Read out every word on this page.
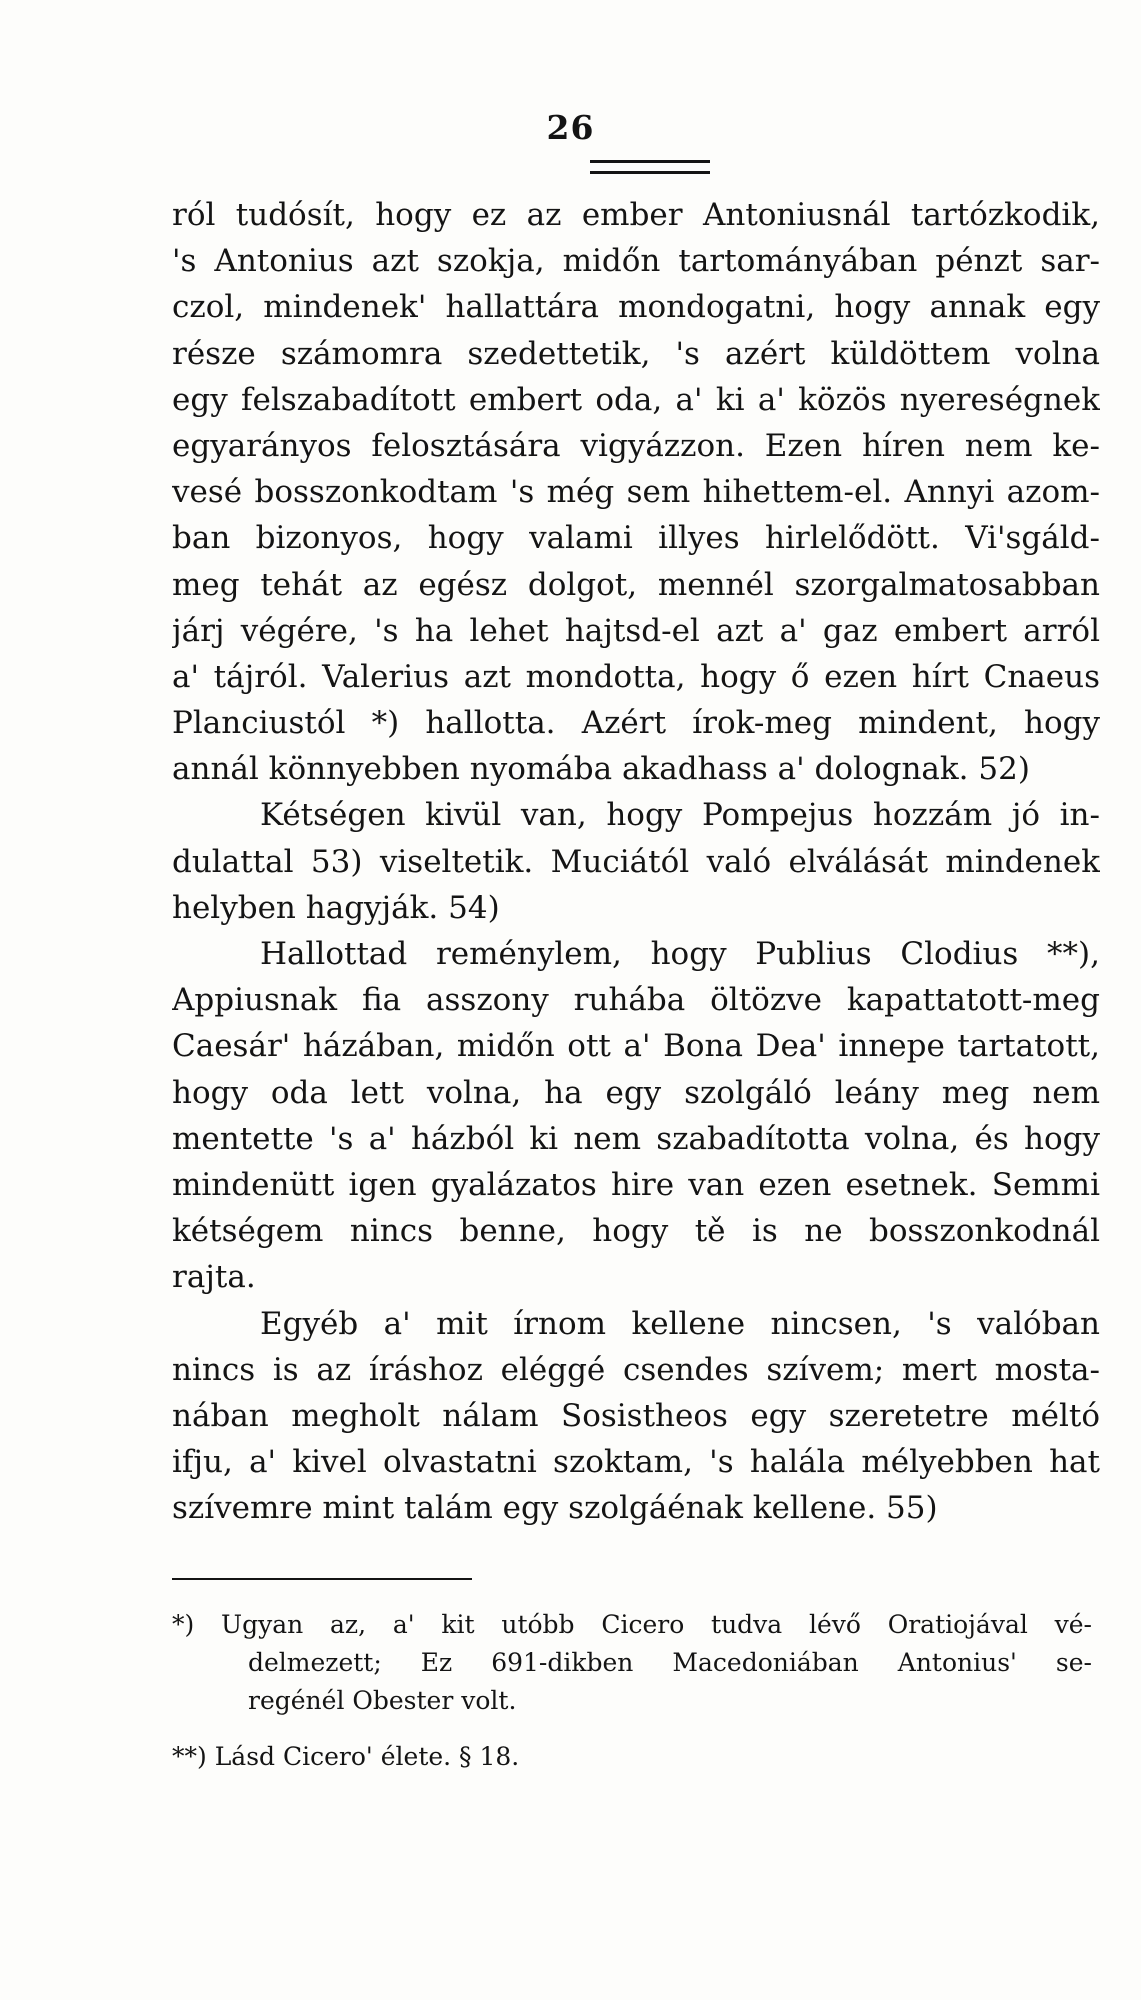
26
ról tudósít, hogy ez az ember Antoniusnál tartózkodik,
's Antonius azt szokja, midőn tartományában pénzt sar-
czol, mindenek' hallattára mondogatni, hogy annak egy
része számomra szedettetik, 's azért küldöttem volna
egy felszabadított embert oda, a' ki a' közös nyereségnek
egyarányos felosztására vigyázzon. Ezen híren nem ke-
vesé bosszonkodtam 's még sem hihettem-el. Annyi azom-
ban bizonyos, hogy valami illyes hirlelődött. Vi'sgáld-
meg tehát az egész dolgot, mennél szorgalmatosabban
járj végére, 's ha lehet hajtsd-el azt a' gaz embert arról
a' tájról. Valerius azt mondotta, hogy ő ezen hírt Cnaeus
Planciustól *) hallotta. Azért írok-meg mindent, hogy
annál könnyebben nyomába akadhass a' dolognak. 52)
Kétségen kivül van, hogy Pompejus hozzám jó in-
dulattal 53) viseltetik. Muciától való elválását mindenek
helyben hagyják. 54)
Hallottad reménylem, hogy Publius Clodius **),
Appiusnak fia asszony ruhába öltözve kapattatott-meg
Caesár' házában, midőn ott a' Bona Dea' innepe tartatott,
hogy oda lett volna, ha egy szolgáló leány meg nem
mentette 's a' házból ki nem szabadította volna, és hogy
mindenütt igen gyalázatos hire van ezen esetnek. Semmi
kétségem nincs benne, hogy tě is ne bosszonkodnál
rajta.
Egyéb a' mit írnom kellene nincsen, 's valóban
nincs is az íráshoz eléggé csendes szívem; mert mosta-
nában megholt nálam Sosistheos egy szeretetre méltó
ifju, a' kivel olvastatni szoktam, 's halála mélyebben hat
szívemre mint talám egy szolgáénak kellene. 55)
*) Ugyan az, a' kit utóbb Cicero tudva lévő Oratiojával vé-
delmezett; Ez 691-dikben Macedoniában Antonius' se-
regénél Obester volt.
**) Lásd Cicero' élete. § 18.
